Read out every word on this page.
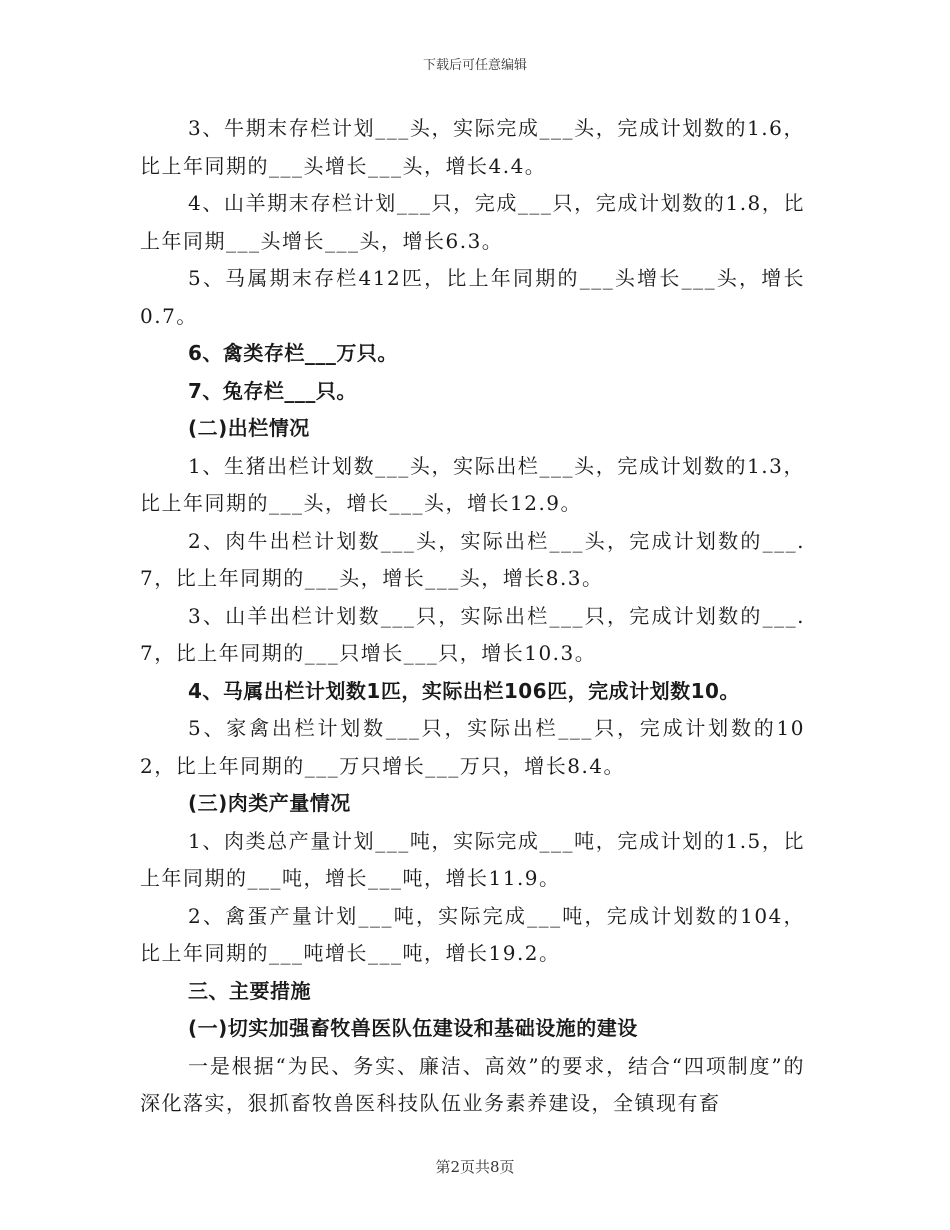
下载后可任意编辑

3、牛期末存栏计划___头，实际完成___头，完成计划数的1.6，比上年同期的___头增长___头，增长4.4。

4、山羊期末存栏计划___只，完成___只，完成计划数的1.8，比上年同期___头增长___头，增长6.3。

5、马属期末存栏412匹，比上年同期的___头增长___头，增长0.7。

6、禽类存栏___万只。

7、兔存栏___只。

(二)出栏情况

1、生猪出栏计划数___头，实际出栏___头，完成计划数的1.3，比上年同期的___头，增长___头，增长12.9。

2、肉牛出栏计划数___头，实际出栏___头，完成计划数的___.7，比上年同期的___头，增长___头，增长8.3。

3、山羊出栏计划数___只，实际出栏___只，完成计划数的___.7，比上年同期的___只增长___只，增长10.3。

4、马属出栏计划数1匹，实际出栏106匹，完成计划数10。

5、家禽出栏计划数___只，实际出栏___只，完成计划数的102，比上年同期的___万只增长___万只，增长8.4。

(三)肉类产量情况

1、肉类总产量计划___吨，实际完成___吨，完成计划的1.5，比上年同期的___吨，增长___吨，增长11.9。

2、禽蛋产量计划___吨，实际完成___吨，完成计划数的104，比上年同期的___吨增长___吨，增长19.2。

三、主要措施

(一)切实加强畜牧兽医队伍建设和基础设施的建设

一是根据“为民、务实、廉洁、高效”的要求，结合“四项制度”的深化落实，狠抓畜牧兽医科技队伍业务素养建设，全镇现有畜

第2页共8页
